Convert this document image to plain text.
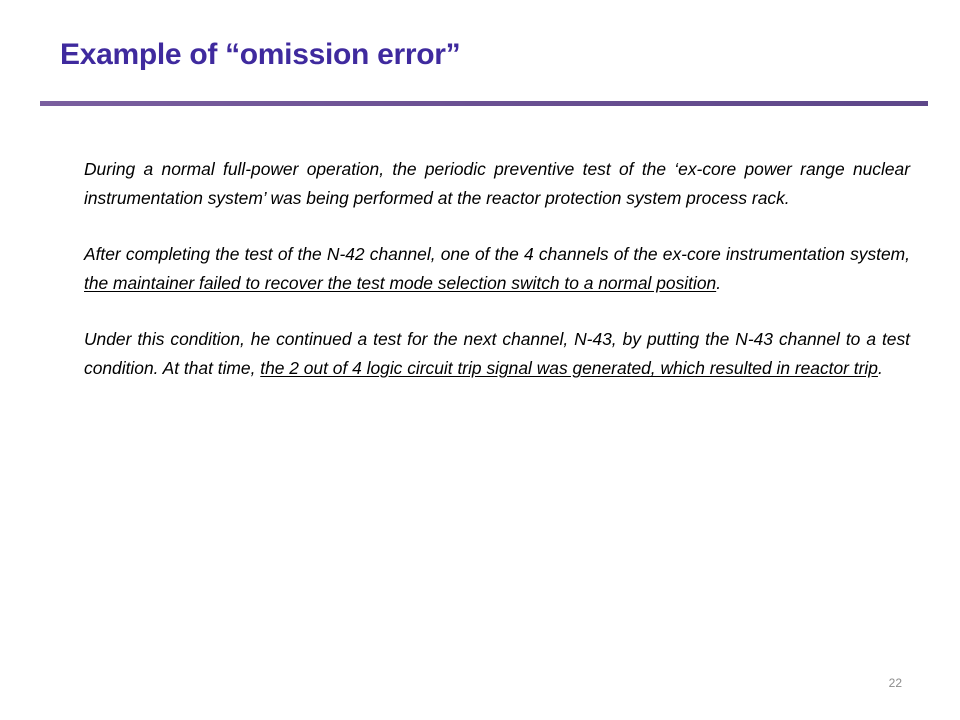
Example of “omission error”

During a normal full-power operation, the periodic preventive test of the ‘ex-core power range nuclear instrumentation system’ was being performed at the reactor protection system process rack.

After completing the test of the N-42 channel, one of the 4 channels of the ex-core instrumentation system, the maintainer failed to recover the test mode selection switch to a normal position.

Under this condition, he continued a test for the next channel, N-43, by putting the N-43 channel to a test condition. At that time, the 2 out of 4 logic circuit trip signal was generated, which resulted in reactor trip.

22
